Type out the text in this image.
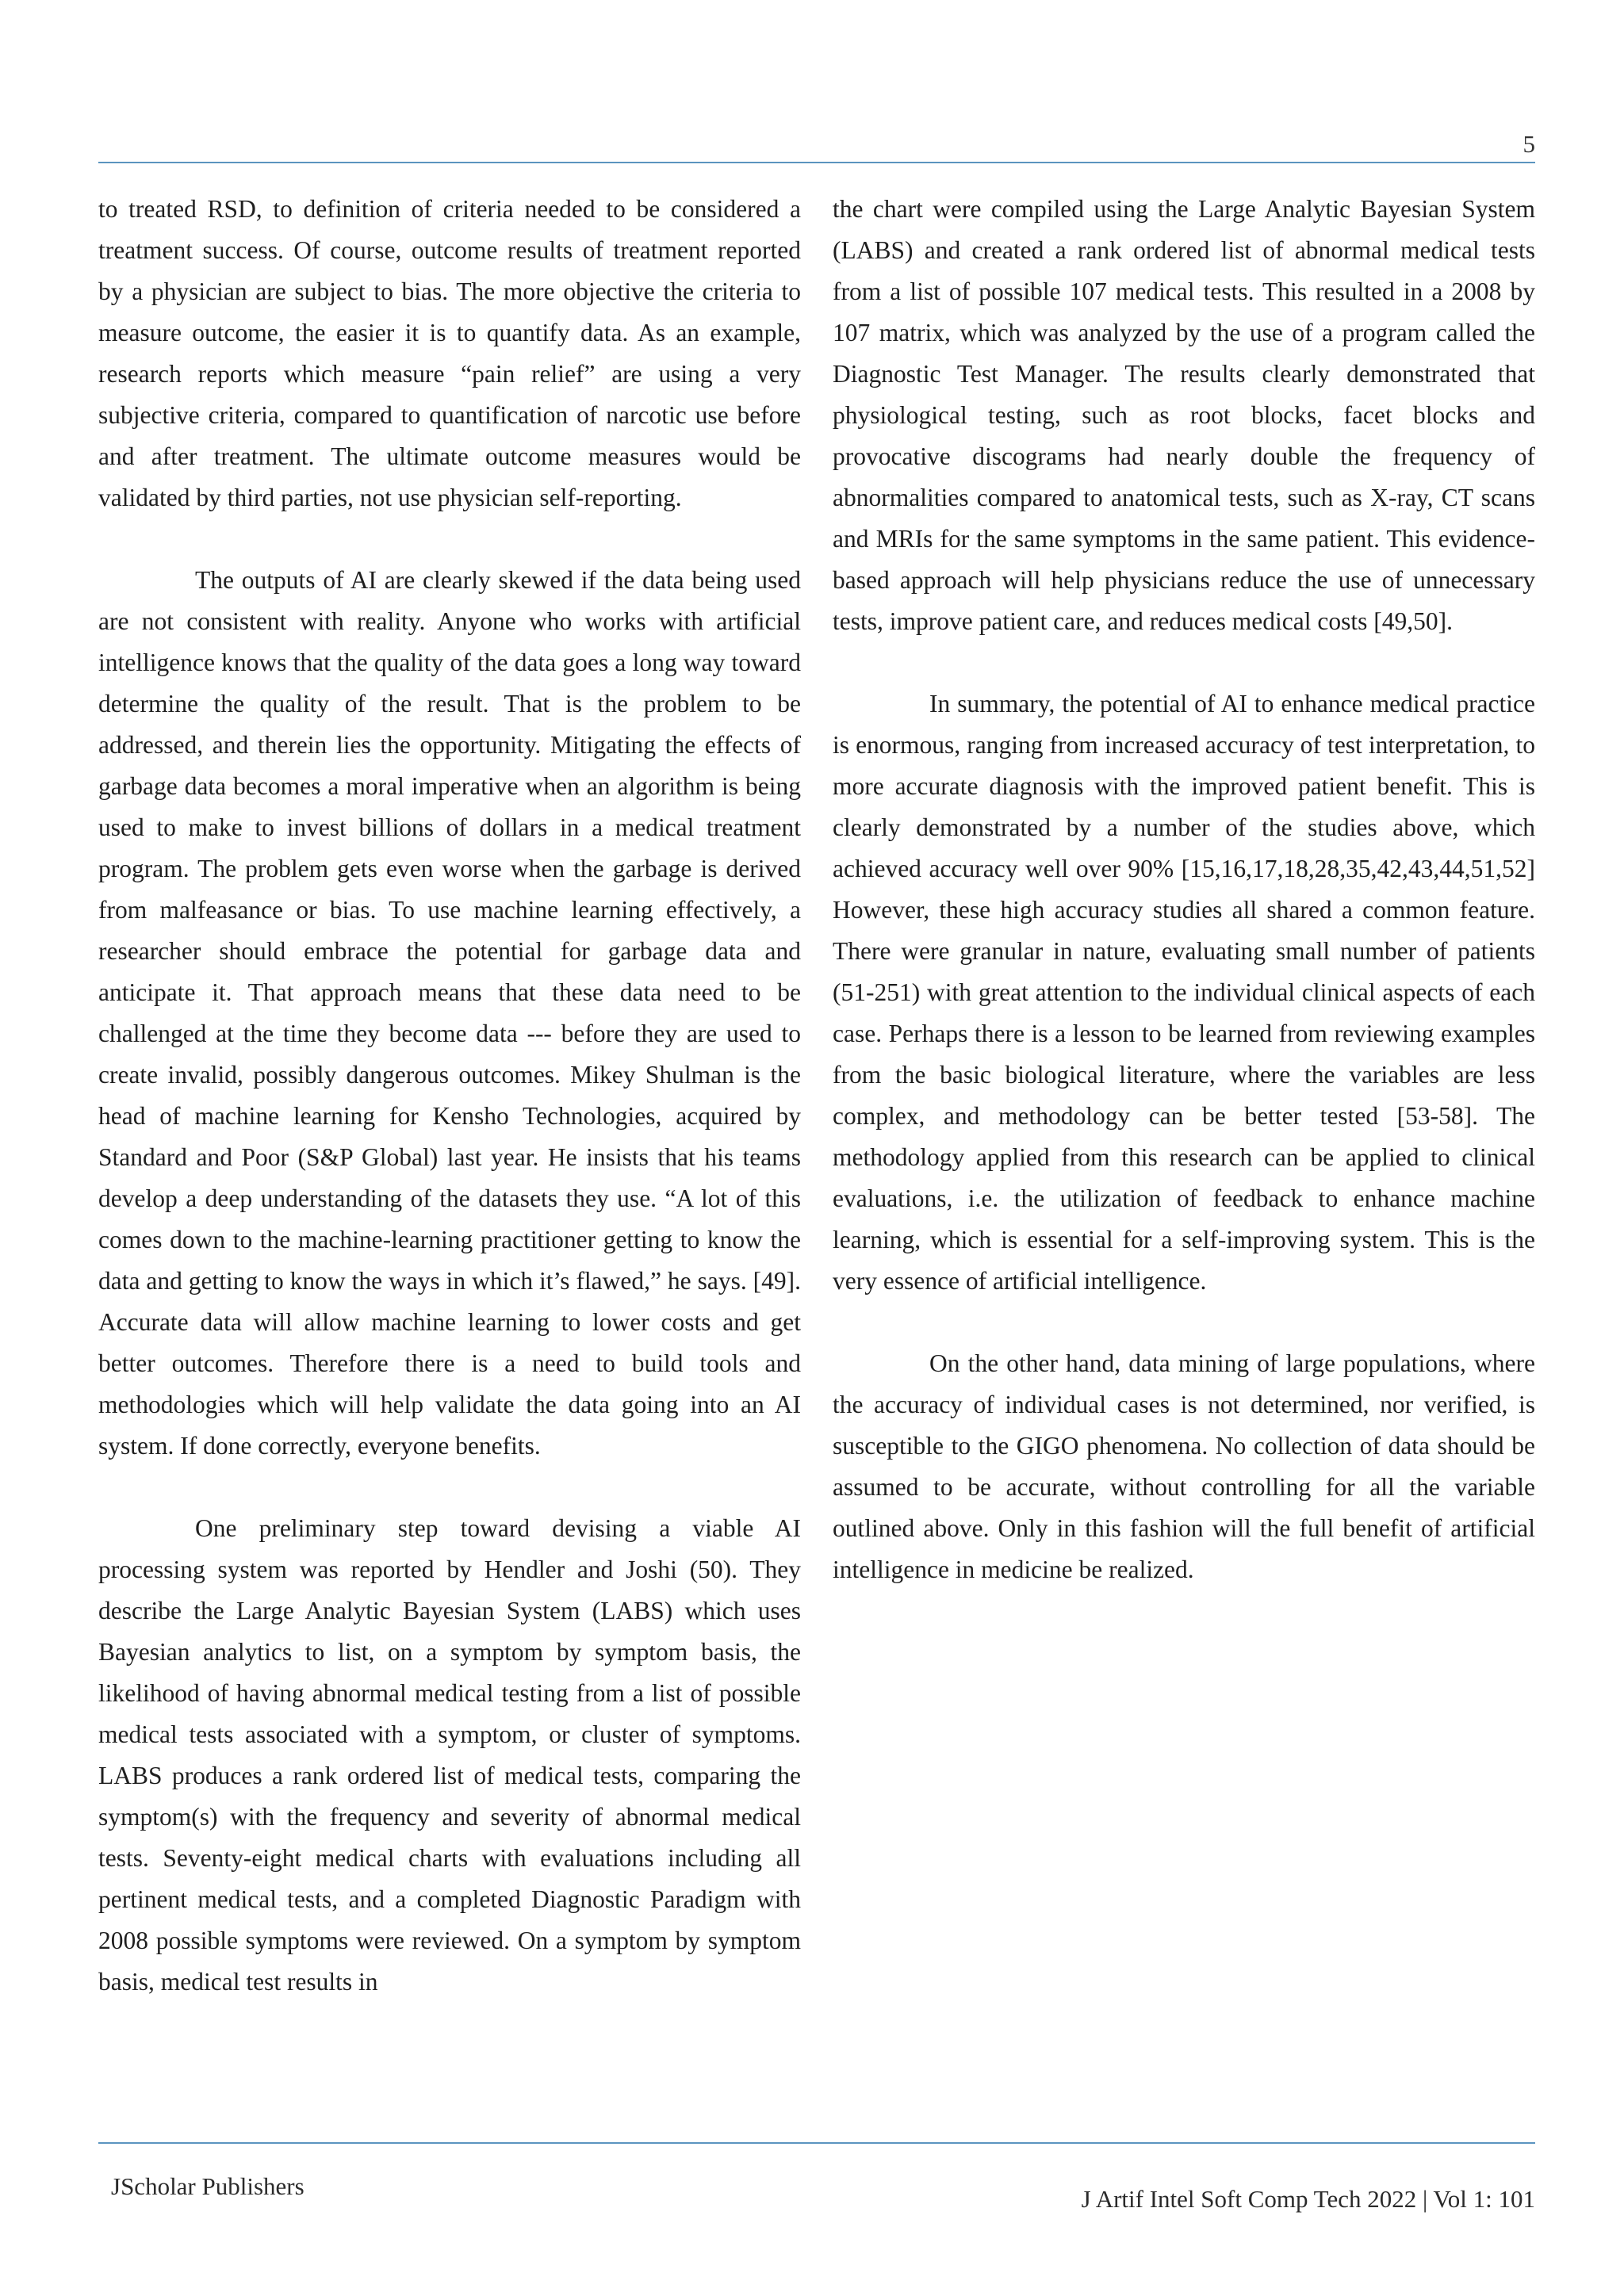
5

to treated RSD, to definition of criteria needed to be considered a treatment success. Of course, outcome results of treatment reported by a physician are subject to bias. The more objective the criteria to measure outcome, the easier it is to quantify data. As an example, research reports which measure “pain relief” are using a very subjective criteria, compared to quantification of narcotic use before and after treatment. The ultimate outcome measures would be validated by third parties, not use physician self-reporting.

The outputs of AI are clearly skewed if the data being used are not consistent with reality. Anyone who works with artificial intelligence knows that the quality of the data goes a long way toward determine the quality of the result. That is the problem to be addressed, and therein lies the opportunity. Mitigating the effects of garbage data becomes a moral imperative when an algorithm is being used to make to invest billions of dollars in a medical treatment program. The problem gets even worse when the garbage is derived from malfeasance or bias. To use machine learning effectively, a researcher should embrace the potential for garbage data and anticipate it. That approach means that these data need to be challenged at the time they become data --- before they are used to create invalid, possibly dangerous outcomes. Mikey Shulman is the head of machine learning for Kensho Technologies, acquired by Standard and Poor (S&P Global) last year. He insists that his teams develop a deep understanding of the datasets they use. “A lot of this comes down to the machine-learning practitioner getting to know the data and getting to know the ways in which it’s flawed,” he says. [49]. Accurate data will allow machine learning to lower costs and get better outcomes. Therefore there is a need to build tools and methodologies which will help validate the data going into an AI system. If done correctly, everyone benefits.

One preliminary step toward devising a viable AI processing system was reported by Hendler and Joshi (50). They describe the Large Analytic Bayesian System (LABS) which uses Bayesian analytics to list, on a symptom by symptom basis, the likelihood of having abnormal medical testing from a list of possible medical tests associated with a symptom, or cluster of symptoms. LABS produces a rank ordered list of medical tests, comparing the symptom(s) with the frequency and severity of abnormal medical tests. Seventy-eight medical charts with evaluations including all pertinent medical tests, and a completed Diagnostic Paradigm with 2008 possible symptoms were reviewed. On a symptom by symptom basis, medical test results in

the chart were compiled using the Large Analytic Bayesian System (LABS) and created a rank ordered list of abnormal medical tests from a list of possible 107 medical tests. This resulted in a 2008 by 107 matrix, which was analyzed by the use of a program called the Diagnostic Test Manager. The results clearly demonstrated that physiological testing, such as root blocks, facet blocks and provocative discograms had nearly double the frequency of abnormalities compared to anatomical tests, such as X-ray, CT scans and MRIs for the same symptoms in the same patient. This evidence-based approach will help physicians reduce the use of unnecessary tests, improve patient care, and reduces medical costs [49,50].

In summary, the potential of AI to enhance medical practice is enormous, ranging from increased accuracy of test interpretation, to more accurate diagnosis with the improved patient benefit. This is clearly demonstrated by a number of the studies above, which achieved accuracy well over 90% [15,16,17,18,28,35,42,43,44,51,52] However, these high accuracy studies all shared a common feature. There were granular in nature, evaluating small number of patients (51-251) with great attention to the individual clinical aspects of each case. Perhaps there is a lesson to be learned from reviewing examples from the basic biological literature, where the variables are less complex, and methodology can be better tested [53-58]. The methodology applied from this research can be applied to clinical evaluations, i.e. the utilization of feedback to enhance machine learning, which is essential for a self-improving system. This is the very essence of artificial intelligence.

On the other hand, data mining of large populations, where the accuracy of individual cases is not determined, nor verified, is susceptible to the GIGO phenomena. No collection of data should be assumed to be accurate, without controlling for all the variable outlined above. Only in this fashion will the full benefit of artificial intelligence in medicine be realized.

JScholar Publishers	J Artif Intel Soft Comp Tech 2022 | Vol 1: 101
